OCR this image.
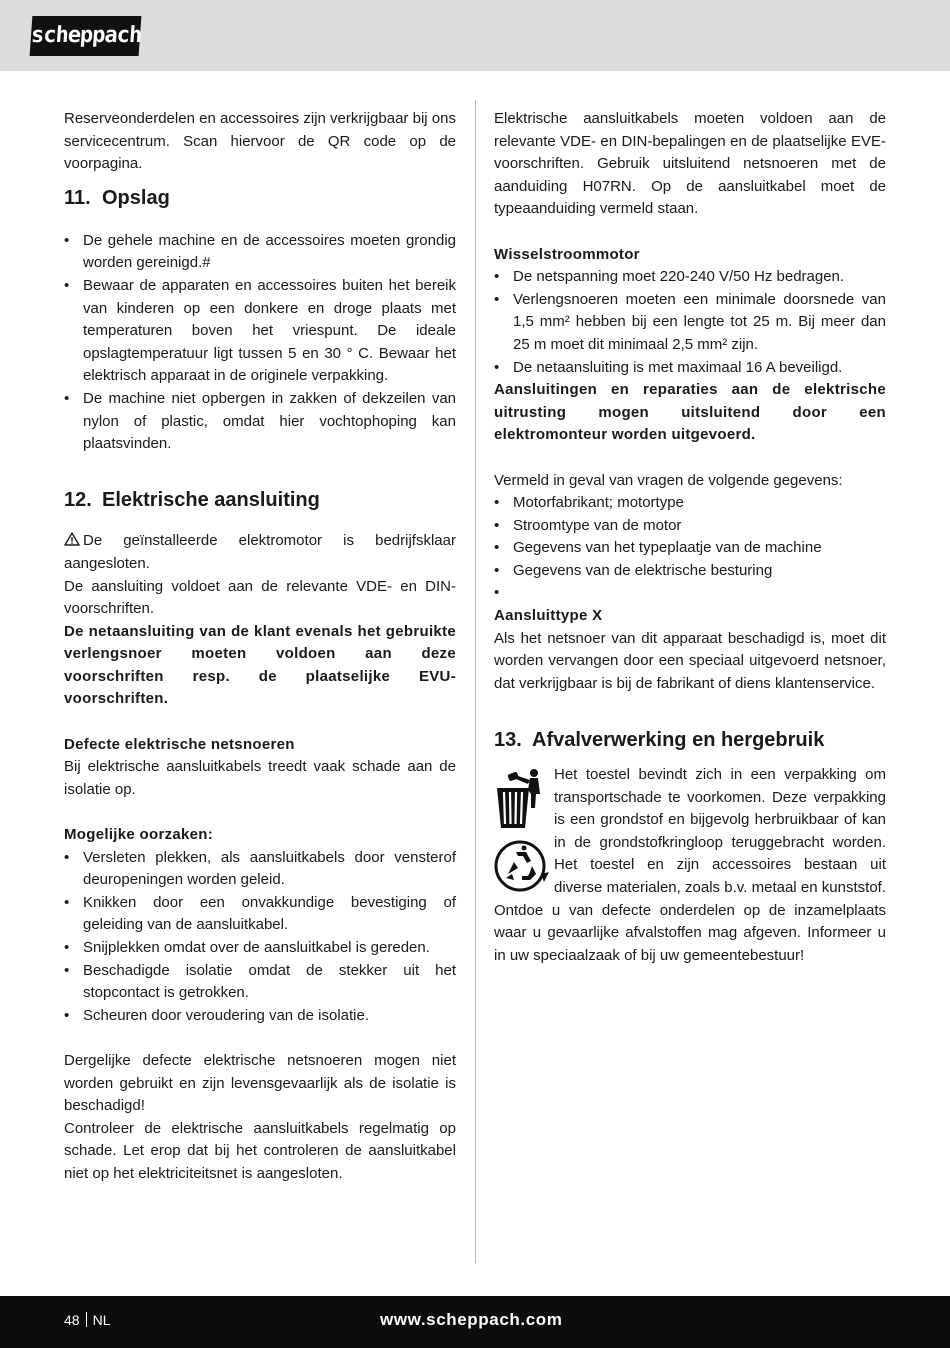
scheppach

Reserveonderdelen en accessoires zijn verkrijgbaar bij ons servicecentrum. Scan hiervoor de QR code op de voorpagina.

11. Opslag
• De gehele machine en de accessoires moeten grondig worden gereinigd.#
• Bewaar de apparaten en accessoires buiten het bereik van kinderen op een donkere en droge plaats met temperaturen boven het vriespunt. De ideale opslagtemperatuur ligt tussen 5 en 30 ° C. Bewaar het elektrisch apparaat in de originele verpakking.
• De machine niet opbergen in zakken of dekzeilen van nylon of plastic, omdat hier vochtophoping kan plaatsvinden.
12. Elektrische aansluiting

De geïnstalleerde elektromotor is bedrijfsklaar aangesloten.

De aansluiting voldoet aan de relevante VDE- en DIN-voorschriften.

De netaansluiting van de klant evenals het gebruikte verlengsnoer moeten voldoen aan deze voorschriften resp. de plaatselijke EVU-voorschriften.

Defecte elektrische netsnoeren

Bij elektrische aansluitkabels treedt vaak schade aan de isolatie op.

Mogelijke oorzaken:

• Versleten plekken, als aansluitkabels door vensterof deuropeningen worden geleid.
• Knikken door een onvakkundige bevestiging of geleiding van de aansluitkabel.
• Snijplekken omdat over de aansluitkabel is gereden.
• Beschadigde isolatie omdat de stekker uit het stopcontact is getrokken.
• Scheuren door veroudering van de isolatie.

Dergelijke defecte elektrische netsnoeren mogen niet worden gebruikt en zijn levensgevaarlijk als de isolatie is beschadigd!

Controleer de elektrische aansluitkabels regelmatig op schade. Let erop dat bij het controleren de aansluitkabel niet op het elektriciteitsnet is aangesloten.

Elektrische aansluitkabels moeten voldoen aan de relevante VDE- en DIN-bepalingen en de plaatselijke EVE-voorschriften. Gebruik uitsluitend netsnoeren met de aanduiding H07RN. Op de aansluitkabel moet de typeaanduiding vermeld staan.

Wisselstroommotor

• De netspanning moet 220-240 V/50 Hz bedragen.
• Verlengsnoeren moeten een minimale doorsnede van 1,5 mm² hebben bij een lengte tot 25 m. Bij meer dan 25 m moet dit minimaal 2,5 mm² zijn.
• De netaansluiting is met maximaal 16 A beveiligd.

Aansluitingen en reparaties aan de elektrische uitrusting mogen uitsluitend door een elektromonteur worden uitgevoerd.

Vermeld in geval van vragen de volgende gegevens:

• Motorfabrikant; motortype
• Stroomtype van de motor
• Gegevens van het typeplaatje van de machine
• Gegevens van de elektrische besturing
•

Aansluittype X

Als het netsnoer van dit apparaat beschadigd is, moet dit worden vervangen door een speciaal uitgevoerd netsnoer, dat verkrijgbaar is bij de fabrikant of diens klantenservice.

13. Afvalverwerking en hergebruik

Het toestel bevindt zich in een verpakking om transportschade te voorkomen. Deze verpakking is een grondstof en bijgevolg herbruikbaar of kan in de grondstofkringloop teruggebracht worden. Het toestel en zijn accessoires bestaan uit diverse materialen, zoals b.v. metaal en kunststof. Ontdoe u van defecte onderdelen op de inzamelplaats waar u gevaarlijke afvalstoffen mag afgeven. Informeer u in uw speciaalzaak of bij uw gemeentebestuur!

48 NL	www.scheppach.com
